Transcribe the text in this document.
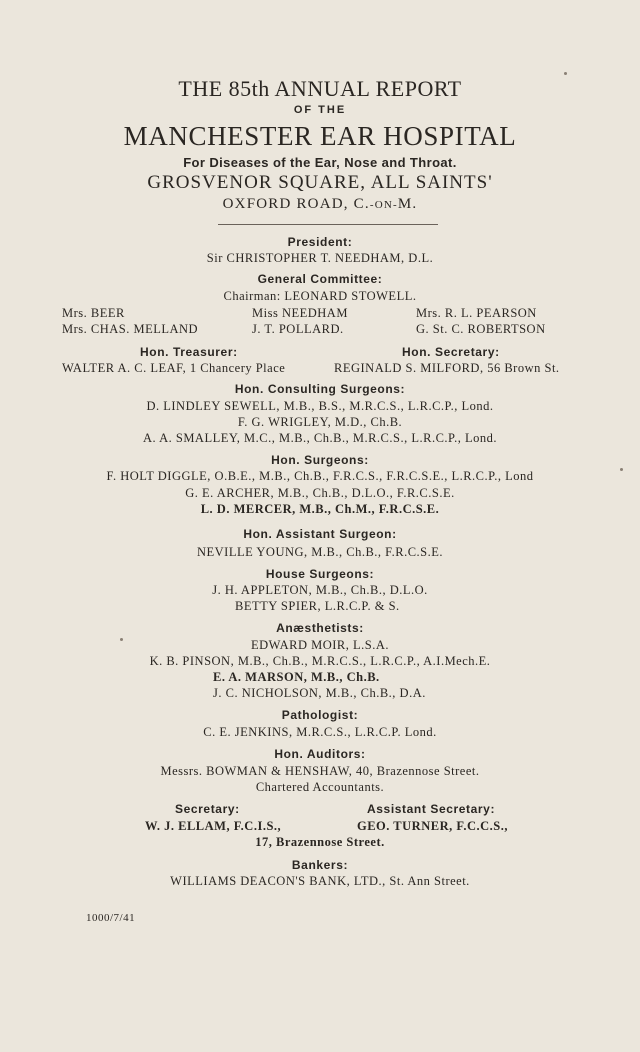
THE 85th ANNUAL REPORT
OF THE
MANCHESTER EAR HOSPITAL
For Diseases of the Ear, Nose and Throat.
GROSVENOR SQUARE, ALL SAINTS'
OXFORD ROAD, C.-ON-M.
President:
Sir CHRISTOPHER T. NEEDHAM, D.L.
General Committee:
Chairman: LEONARD STOWELL.
Mrs. BEER	Miss NEEDHAM	Mrs. R. L. PEARSON
Mrs. CHAS. MELLAND	J. T. POLLARD.	G. St. C. ROBERTSON
Hon. Treasurer:	Hon. Secretary:
WALTER A. C. LEAF, 1 Chancery Place	REGINALD S. MILFORD, 56 Brown St.
Hon. Consulting Surgeons:
D. LINDLEY SEWELL, M.B., B.S., M.R.C.S., L.R.C.P., Lond.
F. G. WRIGLEY, M.D., Ch.B.
A. A. SMALLEY, M.C., M.B., Ch.B., M.R.C.S., L.R.C.P., Lond.
Hon. Surgeons:
F. HOLT DIGGLE, O.B.E., M.B., Ch.B., F.R.C.S., F.R.C.S.E., L.R.C.P., Lond
G. E. ARCHER, M.B., Ch.B., D.L.O., F.R.C.S.E.
L. D. MERCER, M.B., Ch.M., F.R.C.S.E.
Hon. Assistant Surgeon:
NEVILLE YOUNG, M.B., Ch.B., F.R.C.S.E.
House Surgeons:
J. H. APPLETON, M.B., Ch.B., D.L.O.
BETTY SPIER, L.R.C.P. & S.
Anæsthetists:
EDWARD MOIR, L.S.A.
K. B. PINSON, M.B., Ch.B., M.R.C.S., L.R.C.P., A.I.Mech.E.
E. A. MARSON, M.B., Ch.B.
J. C. NICHOLSON, M.B., Ch.B., D.A.
Pathologist:
C. E. JENKINS, M.R.C.S., L.R.C.P. Lond.
Hon. Auditors:
Messrs. BOWMAN & HENSHAW, 40, Brazennose Street.
Chartered Accountants.
Secretary:	Assistant Secretary:
W. J. ELLAM, F.C.I.S.,	GEO. TURNER, F.C.C.S.,
17, Brazennose Street.
Bankers:
WILLIAMS DEACON'S BANK, LTD., St. Ann Street.
1000/7/41
